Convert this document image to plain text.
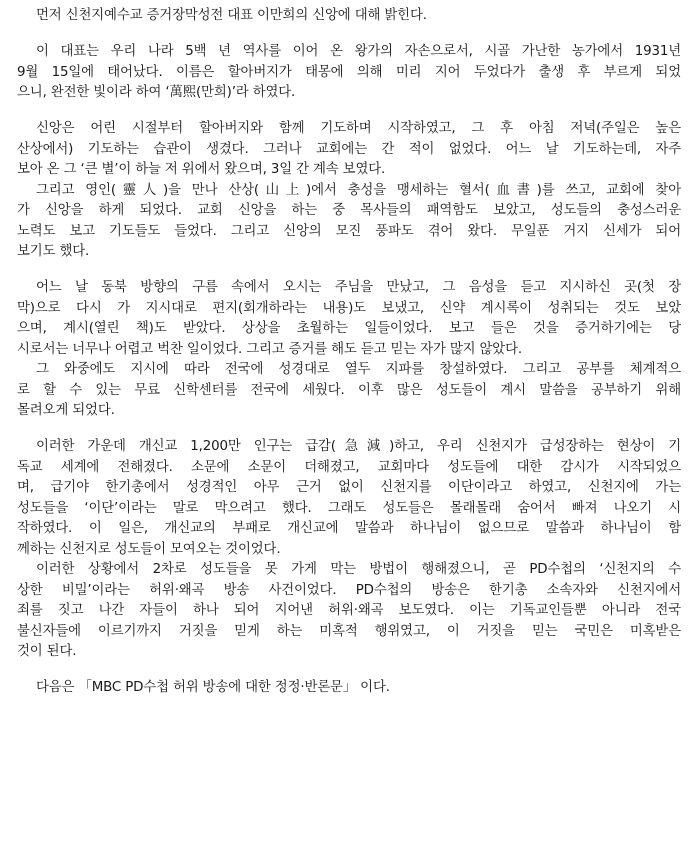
먼저 신천지예수교 증거장막성전 대표 이만희의 신앙에 대해 밝힌다.
이 대표는 우리 나라 5백 년 역사를 이어 온 왕가의 자손으로서, 시골 가난한 농가에서 1931년
9월 15일에 태어났다. 이름은 할아버지가 태몽에 의해 미리 지어 두었다가 출생 후 부르게 되었
으니, 완전한 빛이라 하여 ‘萬熙(만희)’라 하였다.
신앙은 어린 시절부터 할아버지와 함께 기도하며 시작하였고, 그 후 아침 저녁(주일은 높은
산상에서) 기도하는 습관이 생겼다. 그러나 교회에는 간 적이 없었다. 어느 날 기도하는데, 자주
보아 온 그 ‘큰 별’이 하늘 저 위에서 왔으며, 3일 간 계속 보였다.
그리고 영인(靈人)을 만나 산상(山上)에서 충성을 맹세하는 혈서(血書)를 쓰고, 교회에 찾아
가 신앙을 하게 되었다. 교회 신앙을 하는 중 목사들의 패역함도 보았고, 성도들의 충성스러운
노력도 보고 기도들도 들었다. 그리고 신앙의 모진 풍파도 겪어 왔다. 무일푼 거지 신세가 되어
보기도 했다.
어느 날 동북 방향의 구름 속에서 오시는 주님을 만났고, 그 음성을 듣고 지시하신 곳(첫 장
막)으로 다시 가 지시대로 편지(회개하라는 내용)도 보냈고, 신약 계시록이 성취되는 것도 보았
으며, 계시(열린 책)도 받았다. 상상을 초월하는 일들이었다. 보고 들은 것을 증거하기에는 당
시로서는 너무나 어렵고 벅찬 일이었다. 그리고 증거를 해도 듣고 믿는 자가 많지 않았다.
그 와중에도 지시에 따라 전국에 성경대로 열두 지파를 창설하였다. 그리고 공부를 체계적으
로 할 수 있는 무료 신학센터를 전국에 세웠다. 이후 많은 성도들이 계시 말씀을 공부하기 위해
몰려오게 되었다.
이러한 가운데 개신교 1,200만 인구는 급감(急減)하고, 우리 신천지가 급성장하는 현상이 기
독교 세계에 전해졌다. 소문에 소문이 더해졌고, 교회마다 성도들에 대한 감시가 시작되었으
며, 급기야 한기총에서 성경적인 아무 근거 없이 신천지를 이단이라고 하였고, 신천지에 가는
성도들을 ‘이단’이라는 말로 막으려고 했다. 그래도 성도들은 몰래몰래 숨어서 빠져 나오기 시
작하였다. 이 일은, 개신교의 부패로 개신교에 말씀과 하나님이 없으므로 말씀과 하나님이 함
께하는 신천지로 성도들이 모여오는 것이었다.
이러한 상황에서 2차로 성도들을 못 가게 막는 방법이 행해졌으니, 곧 PD수첩의 ‘신천지의 수
상한 비밀’이라는 허위·왜곡 방송 사건이었다. PD수첩의 방송은 한기총 소속자와 신천지에서
죄를 짓고 나간 자들이 하나 되어 지어낸 허위·왜곡 보도였다. 이는 기독교인들뿐 아니라 전국
불신자들에 이르기까지 거짓을 믿게 하는 미혹적 행위였고, 이 거짓을 믿는 국민은 미혹받은
것이 된다.
다음은 「MBC PD수첩 허위 방송에 대한 정정·반론문」 이다.
